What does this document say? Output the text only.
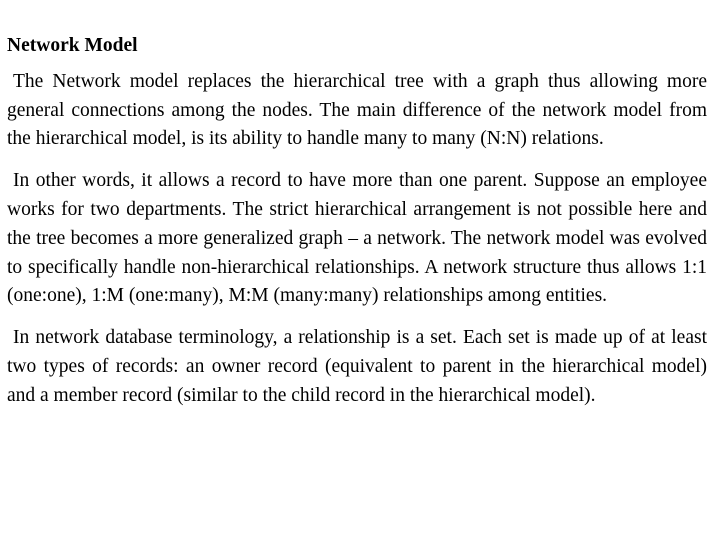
Network Model

The Network model replaces the hierarchical tree with a graph thus allowing more general connections among the nodes. The main difference of the network model from the hierarchical model, is its ability to handle many to many (N:N) relations.

In other words, it allows a record to have more than one parent. Suppose an employee works for two departments. The strict hierarchical arrangement is not possible here and the tree becomes a more generalized graph – a network. The network model was evolved to specifically handle non-hierarchical relationships. A network structure thus allows 1:1 (one:one), 1:M (one:many), M:M (many:many) relationships among entities.

In network database terminology, a relationship is a set. Each set is made up of at least two types of records: an owner record (equivalent to parent in the hierarchical model) and a member record (similar to the child record in the hierarchical model).
